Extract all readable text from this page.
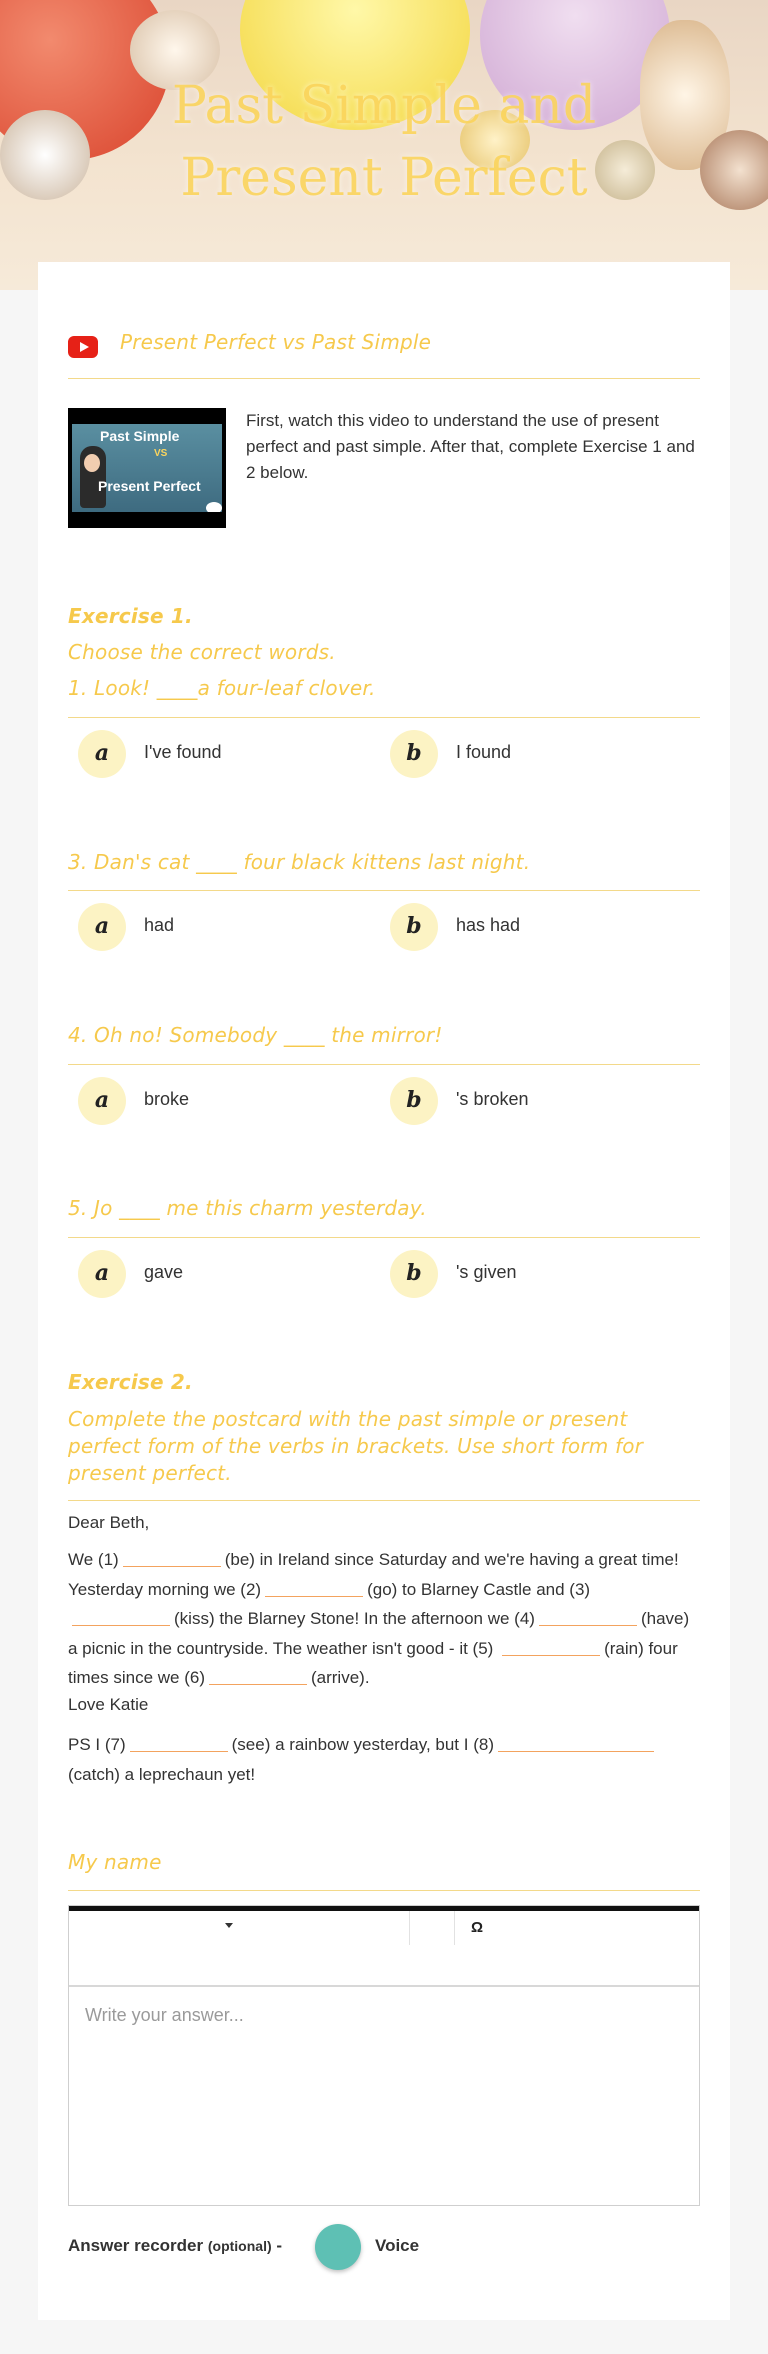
Past Simple and
Present Perfect
Present Perfect vs Past Simple
Past Simple
VS
Present Perfect
First, watch this video to understand the use of present perfect and past simple. After that, complete Exercise 1 and 2 below.
Exercise 1.
Choose the correct words.
1. Look! ____a four-leaf clover.
a	I've found	b	I found
3. Dan's cat ____ four black kittens last night.
a	had	b	has had
4. Oh no! Somebody ____ the mirror!
a	broke	b	's broken
5. Jo ____ me this charm yesterday.
a	gave	b	's given
Exercise 2.
Complete the postcard with the past simple or present perfect form of the verbs in brackets. Use short form for present perfect.
Dear Beth,
We (1)	(be) in Ireland since Saturday and we're having a great time! Yesterday morning we (2)	(go) to Blarney Castle and (3) (kiss) the Blarney Stone! In the afternoon we (4)	(have) a picnic in the countryside. The weather isn't good - it (5)	(rain) four times since we (6)	(arrive).
Love Katie
PS I (7)	(see) a rainbow yesterday, but I (8) (catch) a leprechaun yet!
My name
Ω
Write your answer...
Answer recorder (optional) -	Voice
